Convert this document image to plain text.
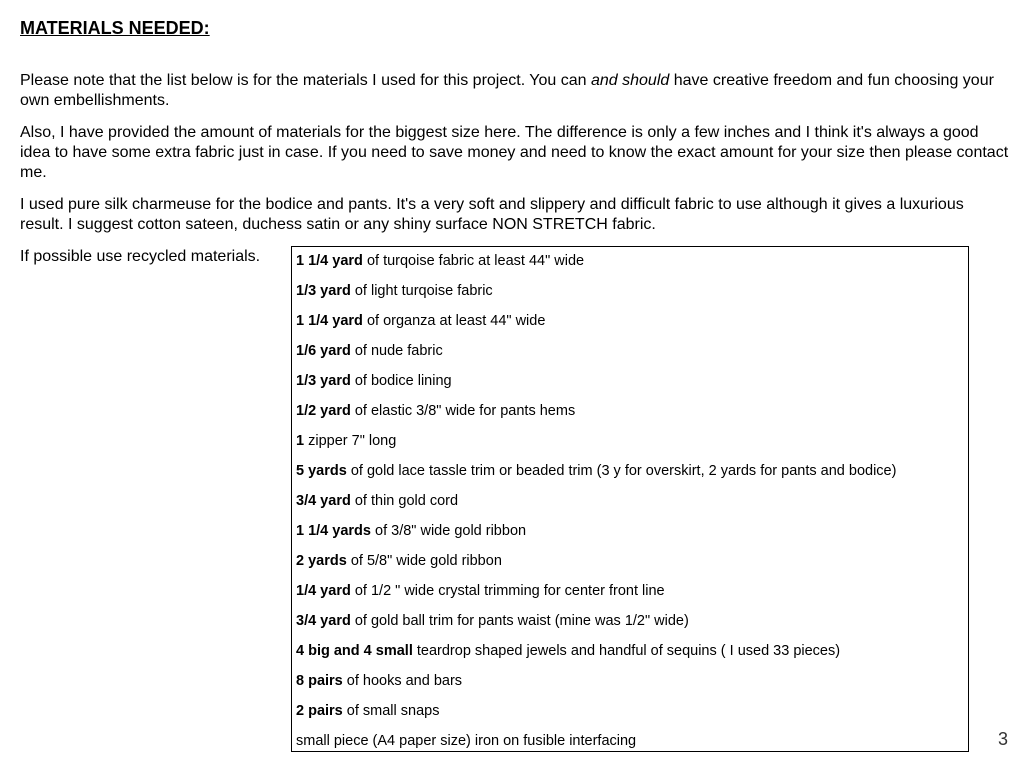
MATERIALS NEEDED:

Please note that the list below is for the materials I used for this project. You can and should have creative freedom and fun choosing your own embellishments.

Also, I have provided the amount of materials for the biggest size here. The difference is only a few inches and I think it's always a good idea to have some extra fabric just in case. If you need to save money and need to know the exact amount for your size then please contact me.

I used pure silk charmeuse for the bodice and pants. It's a very soft and slippery and difficult fabric to use although it gives a luxurious result. I suggest cotton sateen, duchess satin or any shiny surface NON STRETCH fabric.

If possible use recycled materials.	1 1/4 yard of turqoise fabric at least 44" wide
1/3 yard of light turqoise fabric
1 1/4 yard of organza at least 44" wide
1/6 yard of nude fabric
1/3 yard of bodice lining
1/2 yard of elastic 3/8" wide for pants hems
1 zipper 7" long
5 yards of gold lace tassle trim or beaded trim (3 y for overskirt, 2 yards for pants and bodice)
3/4 yard of thin gold cord
1 1/4 yards of 3/8" wide gold ribbon
2 yards of 5/8" wide gold ribbon
1/4 yard of 1/2 " wide crystal trimming for center front line
3/4 yard of gold ball trim for pants waist (mine was 1/2" wide)
4 big and 4 small teardrop shaped jewels and handful of sequins ( I used 33 pieces)
8 pairs of hooks and bars
2 pairs of small snaps
small piece (A4 paper size) iron on fusible interfacing	3
